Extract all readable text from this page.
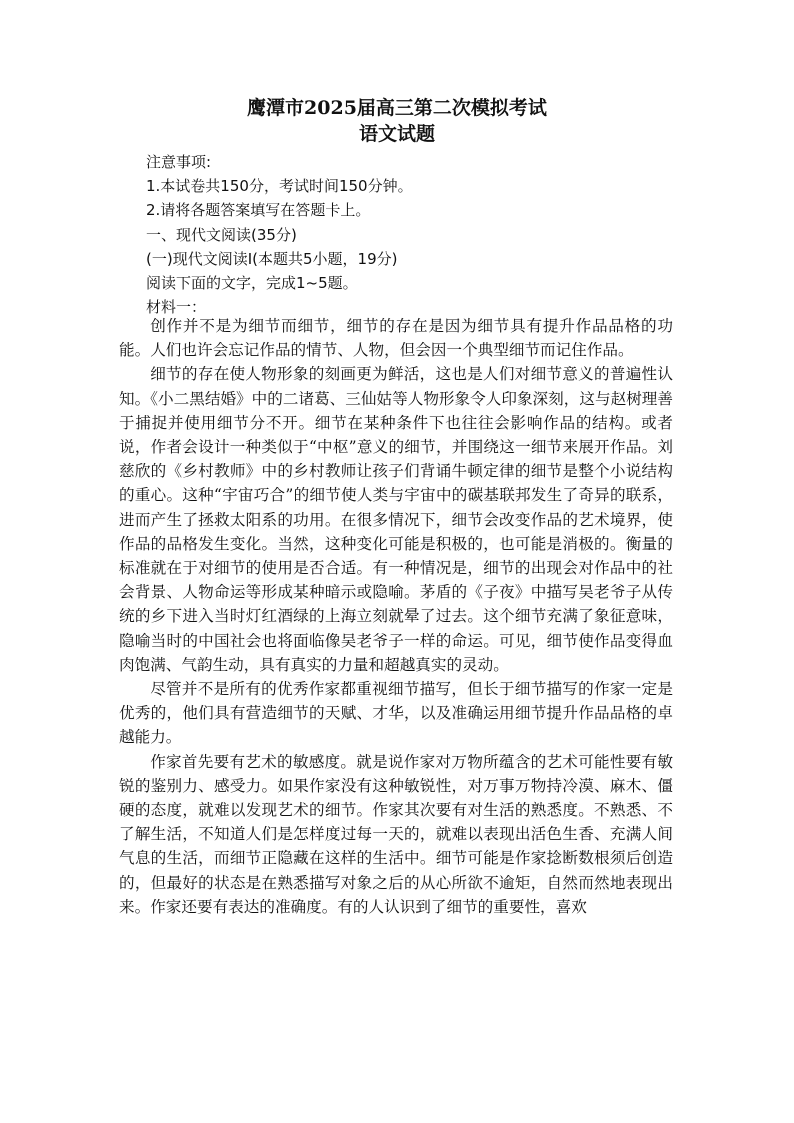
鹰潭市2025届高三第二次模拟考试
语文试题
注意事项:
1.本试卷共150分，考试时间150分钟。
2.请将各题答案填写在答题卡上。
一、现代文阅读(35分)
(一)现代文阅读Ⅰ(本题共5小题，19分)
阅读下面的文字，完成1~5题。
材料一：

创作并不是为细节而细节，细节的存在是因为细节具有提升作品品格的功能。人们也许会忘记作品的情节、人物，但会因一个典型细节而记住作品。

细节的存在使人物形象的刻画更为鲜活，这也是人们对细节意义的普遍性认知。《小二黑结婚》中的二诸葛、三仙姑等人物形象令人印象深刻，这与赵树理善于捕捉并使用细节分不开。细节在某种条件下也往往会影响作品的结构。或者说，作者会设计一种类似于“中枢”意义的细节，并围绕这一细节来展开作品。刘慈欣的《乡村教师》中的乡村教师让孩子们背诵牛顿定律的细节是整个小说结构的重心。这种“宇宙巧合”的细节使人类与宇宙中的碳基联邦发生了奇异的联系，进而产生了拯救太阳系的功用。在很多情况下，细节会改变作品的艺术境界，使作品的品格发生变化。当然，这种变化可能是积极的，也可能是消极的。衡量的标准就在于对细节的使用是否合适。有一种情况是，细节的出现会对作品中的社会背景、人物命运等形成某种暗示或隐喻。茅盾的《子夜》中描写吴老爷子从传统的乡下进入当时灯红酒绿的上海立刻就晕了过去。这个细节充满了象征意味，隐喻当时的中国社会也将面临像吴老爷子一样的命运。可见，细节使作品变得血肉饱满、气韵生动，具有真实的力量和超越真实的灵动。

尽管并不是所有的优秀作家都重视细节描写，但长于细节描写的作家一定是优秀的，他们具有营造细节的天赋、才华，以及准确运用细节提升作品品格的卓越能力。

作家首先要有艺术的敏感度。就是说作家对万物所蕴含的艺术可能性要有敏锐的鉴别力、感受力。如果作家没有这种敏锐性，对万事万物持冷漠、麻木、僵硬的态度，就难以发现艺术的细节。作家其次要有对生活的熟悉度。不熟悉、不了解生活，不知道人们是怎样度过每一天的，就难以表现出活色生香、充满人间气息的生活，而细节正隐藏在这样的生活中。细节可能是作家捻断数根须后创造的，但最好的状态是在熟悉描写对象之后的从心所欲不逾矩，自然而然地表现出来。作家还要有表达的准确度。有的人认识到了细节的重要性，喜欢
